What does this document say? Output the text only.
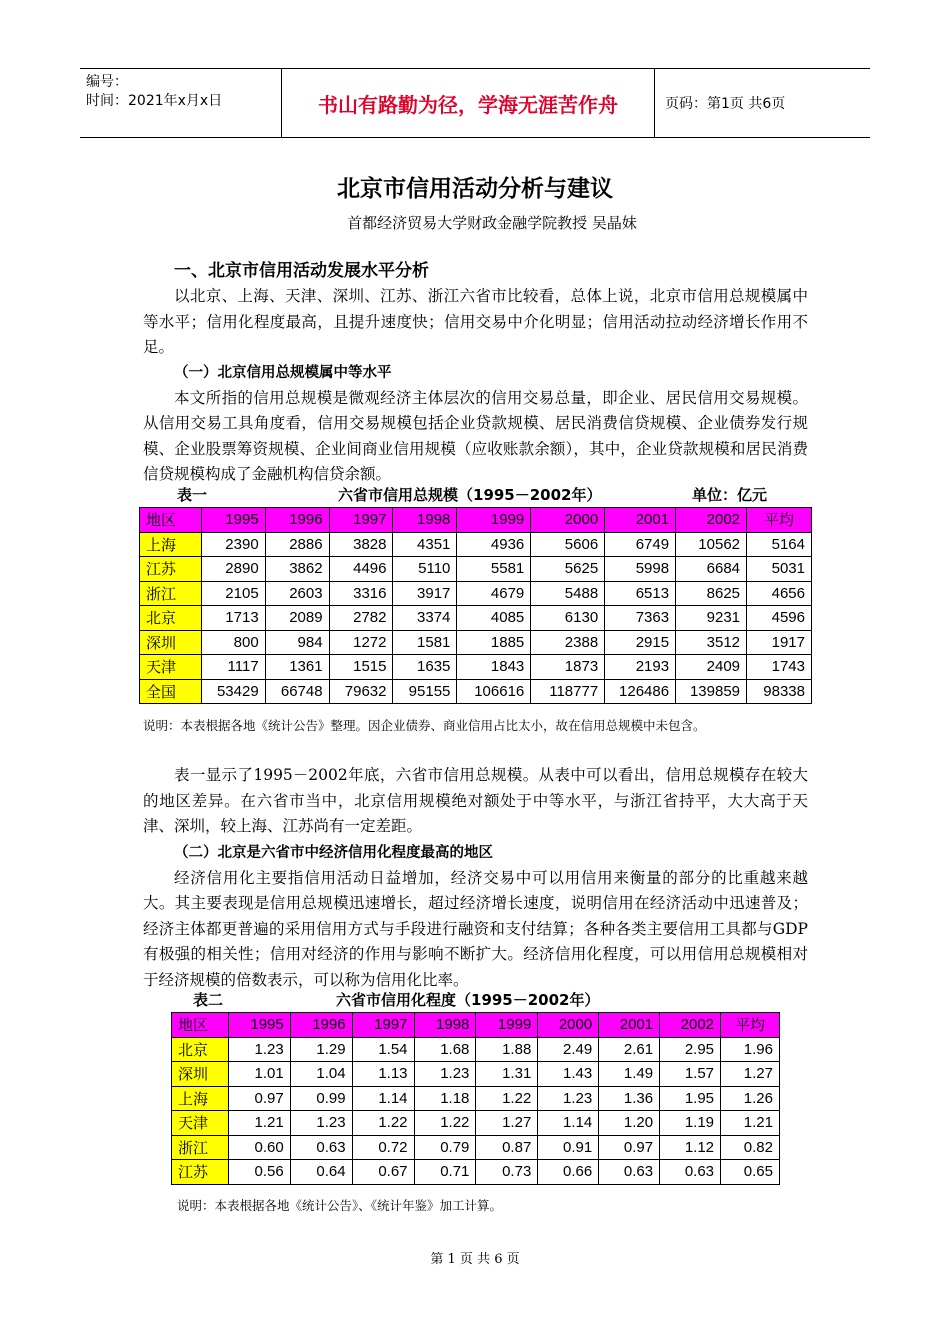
编号：
时间：2021年x月x日	书山有路勤为径，学海无涯苦作舟	页码：第1页 共6页
北京市信用活动分析与建议
首都经济贸易大学财政金融学院教授 吴晶妹
一、北京市信用活动发展水平分析
以北京、上海、天津、深圳、江苏、浙江六省市比较看，总体上说，北京市信用总规模属中等水平；信用化程度最高，且提升速度快；信用交易中介化明显；信用活动拉动经济增长作用不足。
（一）北京信用总规模属中等水平
本文所指的信用总规模是微观经济主体层次的信用交易总量，即企业、居民信用交易规模。从信用交易工具角度看，信用交易规模包括企业贷款规模、居民消费信贷规模、企业债券发行规模、企业股票筹资规模、企业间商业信用规模（应收账款余额），其中，企业贷款规模和居民消费信贷规模构成了金融机构信贷余额。
表一	六省市信用总规模（1995－2002年）	单位：亿元
地区	1995	1996	1997	1998	1999	2000	2001	2002	平均
上海	2390	2886	3828	4351	4936	5606	6749	10562	5164
江苏	2890	3862	4496	5110	5581	5625	5998	6684	5031
浙江	2105	2603	3316	3917	4679	5488	6513	8625	4656
北京	1713	2089	2782	3374	4085	6130	7363	9231	4596
深圳	800	984	1272	1581	1885	2388	2915	3512	1917
天津	1117	1361	1515	1635	1843	1873	2193	2409	1743
全国	53429	66748	79632	95155	106616	118777	126486	139859	98338
说明：本表根据各地《统计公告》整理。因企业债券、商业信用占比太小，故在信用总规模中未包含。
表一显示了1995－2002年底，六省市信用总规模。从表中可以看出，信用总规模存在较大的地区差异。在六省市当中，北京信用规模绝对额处于中等水平，与浙江省持平，大大高于天津、深圳，较上海、江苏尚有一定差距。
（二）北京是六省市中经济信用化程度最高的地区
经济信用化主要指信用活动日益增加，经济交易中可以用信用来衡量的部分的比重越来越大。其主要表现是信用总规模迅速增长，超过经济增长速度，说明信用在经济活动中迅速普及；经济主体都更普遍的采用信用方式与手段进行融资和支付结算；各种各类主要信用工具都与GDP有极强的相关性；信用对经济的作用与影响不断扩大。经济信用化程度，可以用信用总规模相对于经济规模的倍数表示，可以称为信用化比率。
表二	六省市信用化程度（1995－2002年）
地区	1995	1996	1997	1998	1999	2000	2001	2002	平均
北京	1.23	1.29	1.54	1.68	1.88	2.49	2.61	2.95	1.96
深圳	1.01	1.04	1.13	1.23	1.31	1.43	1.49	1.57	1.27
上海	0.97	0.99	1.14	1.18	1.22	1.23	1.36	1.95	1.26
天津	1.21	1.23	1.22	1.22	1.27	1.14	1.20	1.19	1.21
浙江	0.60	0.63	0.72	0.79	0.87	0.91	0.97	1.12	0.82
江苏	0.56	0.64	0.67	0.71	0.73	0.66	0.63	0.63	0.65
说明：本表根据各地《统计公告》、《统计年鉴》加工计算。
第 1 页 共 6 页
